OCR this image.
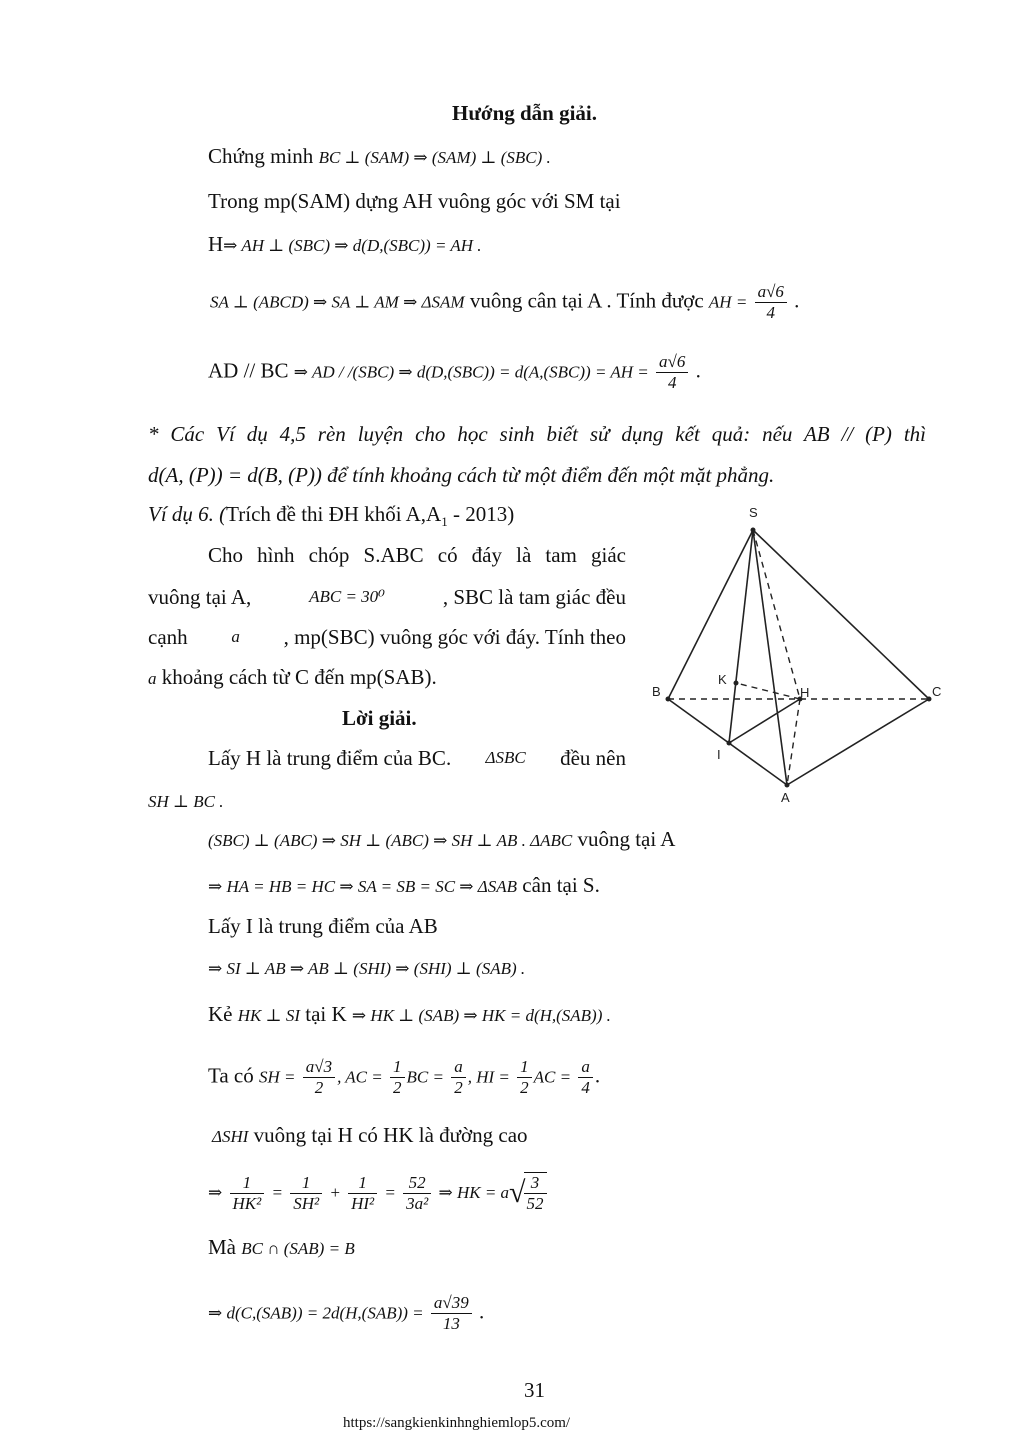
Hướng dẫn giải.
Chứng minh BC ⊥ (SAM) ⇒ (SAM) ⊥ (SBC) .
Trong mp(SAM) dựng AH vuông góc với SM tại
H⇒ AH ⊥ (SBC) ⇒ d(D,(SBC)) = AH .
SA ⊥ (ABCD) ⇒ SA ⊥ AM ⇒ ΔSAM vuông cân tại A . Tính được AH = $\frac{a√6}{4}$ .
AD // BC ⇒ AD / /(SBC) ⇒ d(D,(SBC)) = d(A,(SBC)) = AH = $\frac{a√6}{4}$ .
* Các Ví dụ 4,5 rèn luyện cho học sinh biết sử dụng kết quả: nếu AB // (P) thì
d(A, (P)) = d(B, (P)) để tính khoảng cách từ một điểm đến một mặt phẳng.
Ví dụ 6. (Trích đề thi ĐH khối $A,A_1 - 2013$)
Cho hình chóp S.ABC có đáy là tam giác
vuông tại A,	ABC = 30⁰	, SBC là tam giác đều
cạnh	a , mp(SBC) vuông góc với đáy. Tính theo
a khoảng cách từ C đến mp(SAB).
Lời giải.
Lấy H là trung điểm của BC. ΔSBC đều nên
SH ⊥ BC .
(SBC) ⊥ (ABC) ⇒ SH ⊥ (ABC) ⇒ SH ⊥ AB . ΔABC vuông tại A
⇒ HA = HB = HC ⇒ SA = SB = SC ⇒ ΔSAB cân tại S.
Lấy I là trung điểm của AB
⇒ SI ⊥ AB ⇒ AB ⊥ (SHI) ⇒ (SHI) ⊥ (SAB) .
Kẻ HK ⊥ SI tại K ⇒ HK ⊥ (SAB) ⇒ HK = d(H,(SAB)) .
Ta có SH = $\frac{a√3}{2}$ , AC = $\frac{1}{2}$ BC = $\frac{a}{2}$ , HI = $\frac{1}{2}$ AC = $\frac{a}{4}$ .
ΔSHI vuông tại H có HK là đường cao
⇒ $\frac{1}{\text{HK²}} = \frac{1}{\text{SH²}} + \frac{1}{\text{HI²}} = \frac{52}{\text{3a²}}$ ⇒ HK = a√
$\frac{3}{52}$
Mà BC ∩ (SAB) = B
⇒ $d(C,(SAB)) = 2d(H,(SAB)) = \frac{a√39}{13}$ .
31
https://sangkienkinhnghiemlop5.com/
S
B	C
K
H
I
A
